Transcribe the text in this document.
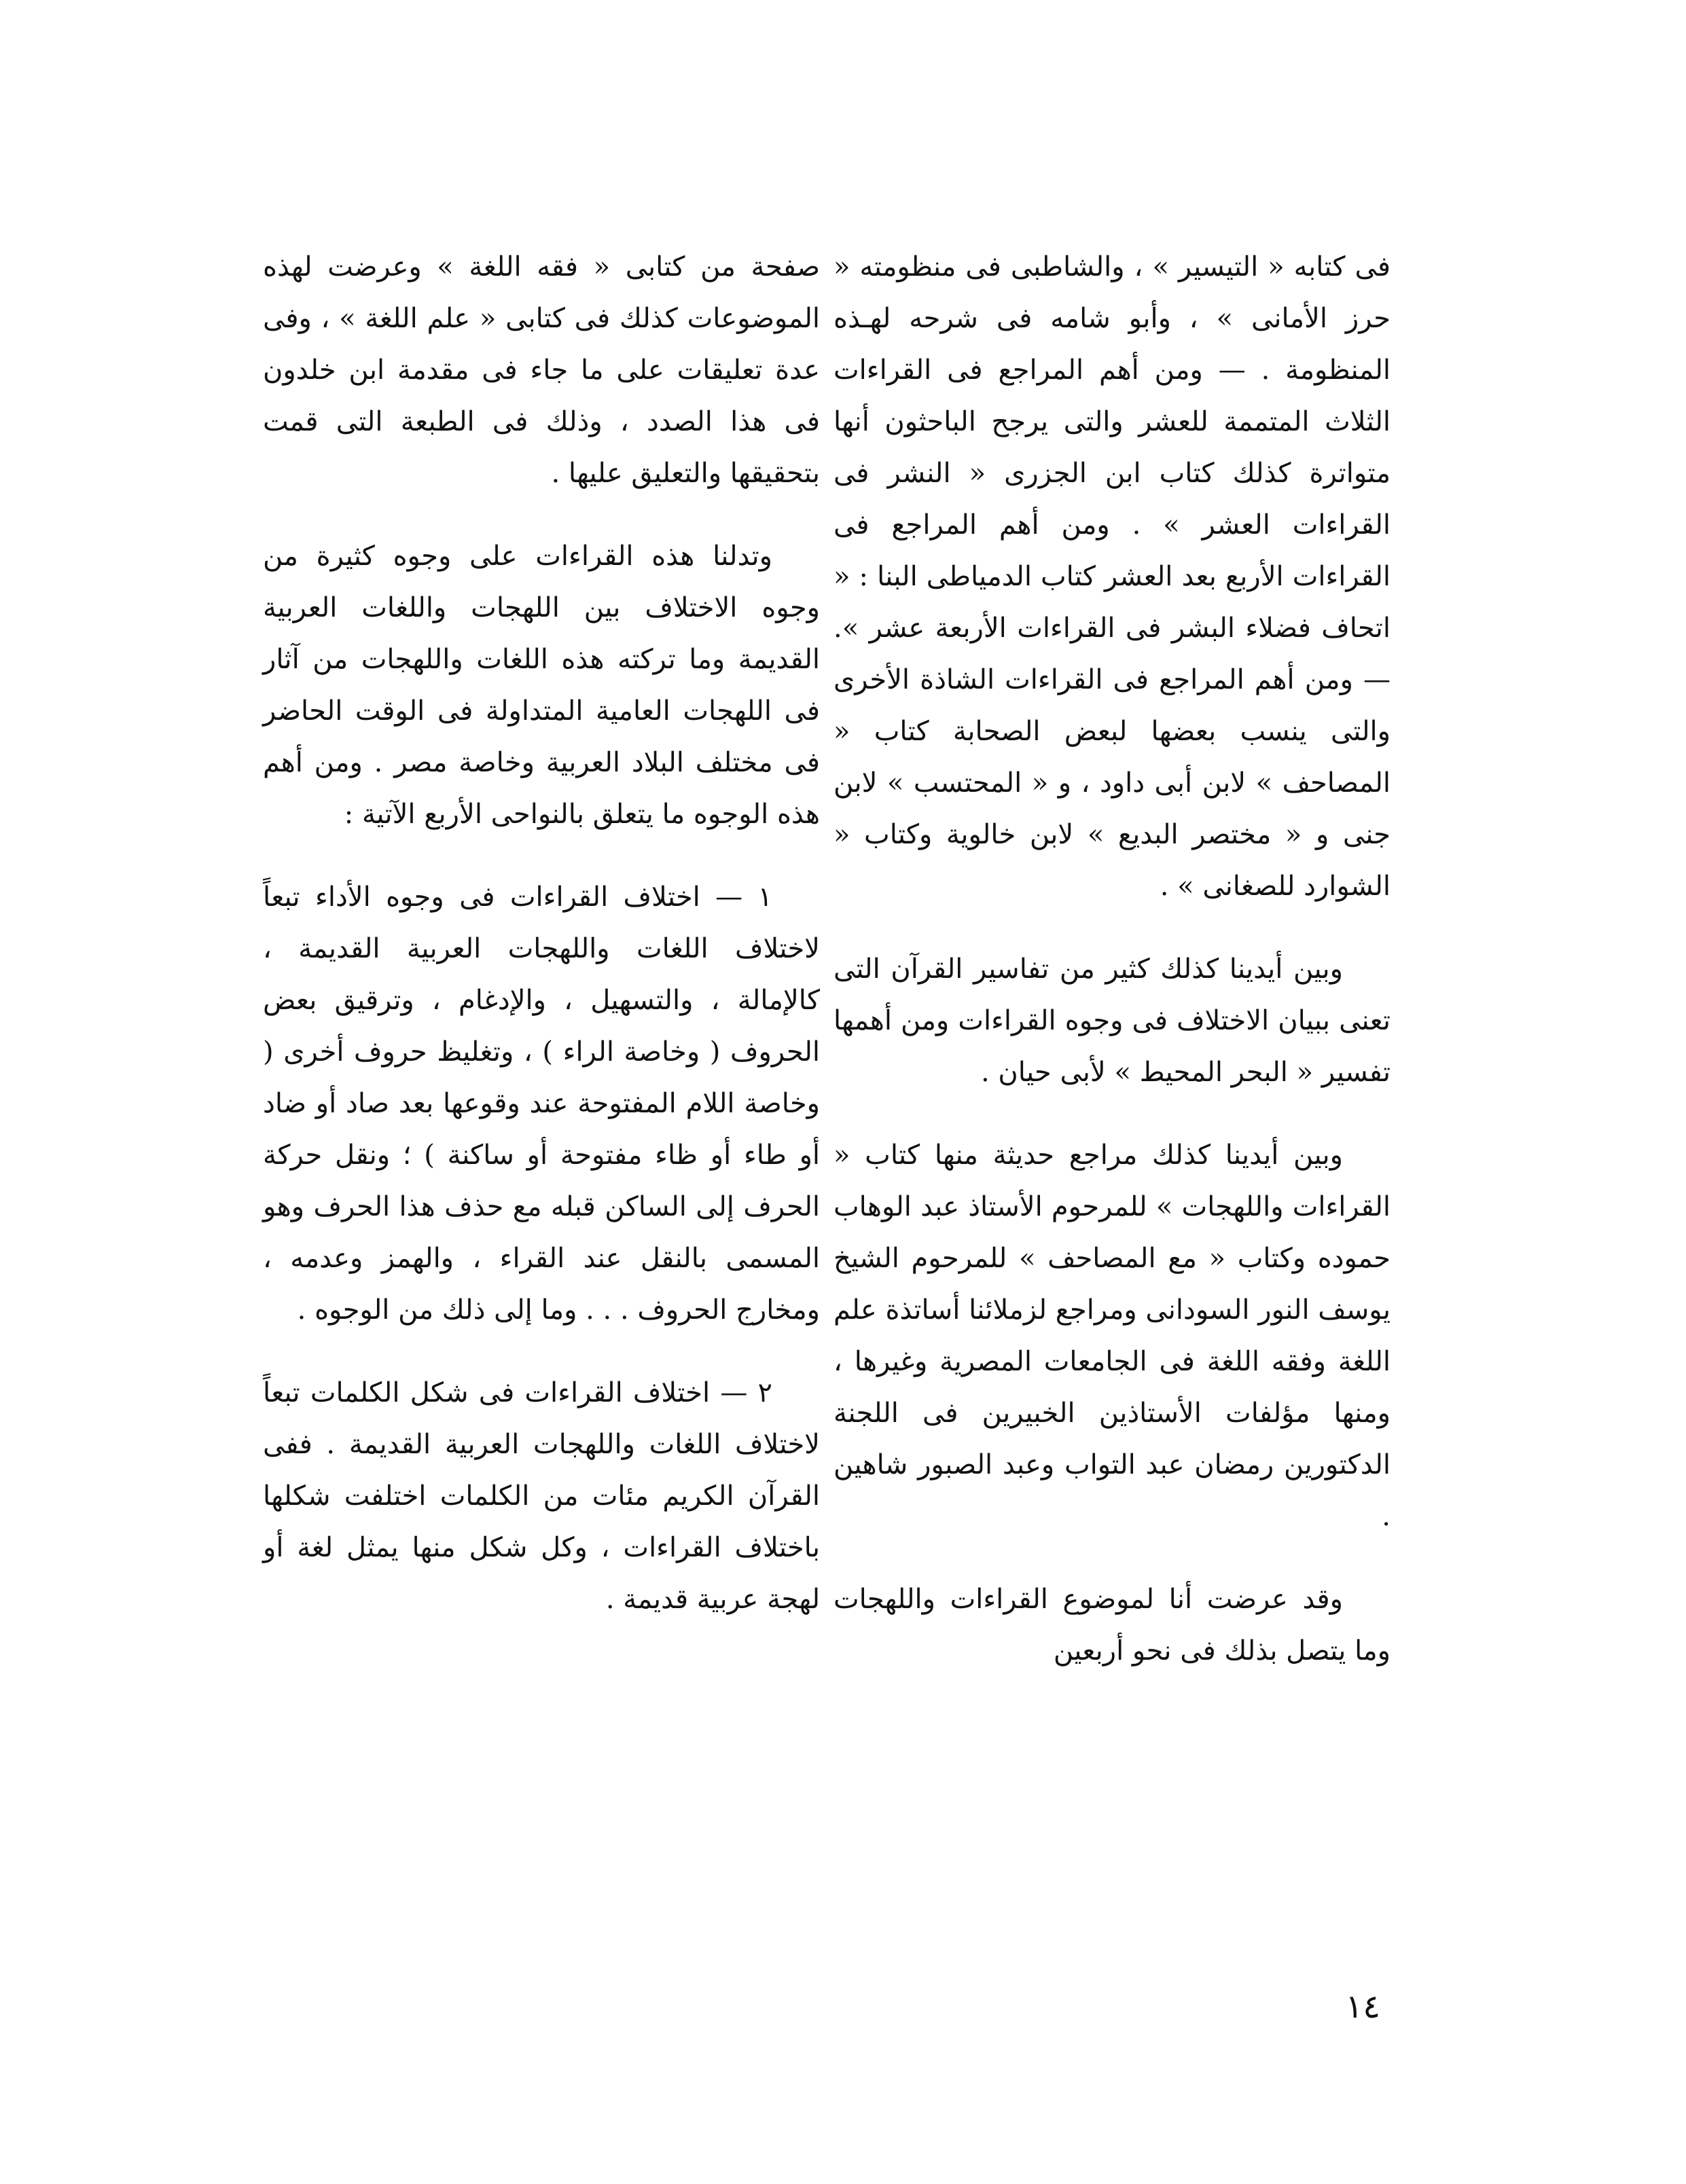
فى كتابه « التيسير » ، والشاطبى فى منظومته « حرز الأمانى » ، وأبو شامه فى شرحه لهـذه المنظومة . — ومن أهم المراجع فى القراءات الثلاث المتممة للعشر والتى يرجح الباحثون أنها متواترة كذلك كتاب ابن الجزرى « النشر فى القراءات العشر » . ومن أهم المراجع فى القراءات الأربع بعد العشر كتاب الدمياطى البنا : « اتحاف فضلاء البشر فى القراءات الأربعة عشر ». — ومن أهم المراجع فى القراءات الشاذة الأخرى والتى ينسب بعضها لبعض الصحابة كتاب « المصاحف » لابن أبى داود ، و « المحتسب » لابن جنى و « مختصر البديع » لابن خالوية وكتاب « الشوارد للصغانى » .

وبين أيدينا كذلك كثير من تفاسير القرآن التى تعنى ببيان الاختلاف فى وجوه القراءات ومن أهمها تفسير « البحر المحيط » لأبى حيان .

وبين أيدينا كذلك مراجع حديثة منها كتاب « القراءات واللهجات » للمرحوم الأستاذ عبد الوهاب حموده وكتاب « مع المصاحف » للمرحوم الشيخ يوسف النور السودانى ومراجع لزملائنا أساتذة علم اللغة وفقه اللغة فى الجامعات المصرية وغيرها ، ومنها مؤلفات الأستاذين الخبيرين فى اللجنة الدكتورين رمضان عبد التواب وعبد الصبور شاهين .

وقد عرضت أنا لموضوع القراءات واللهجات وما يتصل بذلك فى نحو أربعين

صفحة من كتابى « فقه اللغة » وعرضت لهذه الموضوعات كذلك فى كتابى « علم اللغة » ، وفى عدة تعليقات على ما جاء فى مقدمة ابن خلدون فى هذا الصدد ، وذلك فى الطبعة التى قمت بتحقيقها والتعليق عليها .

وتدلنا هذه القراءات على وجوه كثيرة من وجوه الاختلاف بين اللهجات واللغات العربية القديمة وما تركته هذه اللغات واللهجات من آثار فى اللهجات العامية المتداولة فى الوقت الحاضر فى مختلف البلاد العربية وخاصة مصر . ومن أهم هذه الوجوه ما يتعلق بالنواحى الأربع الآتية :

١ — اختلاف القراءات فى وجوه الأداء تبعاً لاختلاف اللغات واللهجات العربية القديمة ، كالإمالة ، والتسهيل ، والإدغام ، وترقيق بعض الحروف ( وخاصة الراء ) ، وتغليظ حروف أخرى ( وخاصة اللام المفتوحة عند وقوعها بعد صاد أو ضاد أو طاء أو ظاء مفتوحة أو ساكنة ) ؛ ونقل حركة الحرف إلى الساكن قبله مع حذف هذا الحرف وهو المسمى بالنقل عند القراء ، والهمز وعدمه ، ومخارج الحروف . . . وما إلى ذلك من الوجوه .

٢ — اختلاف القراءات فى شكل الكلمات تبعاً لاختلاف اللغات واللهجات العربية القديمة . ففى القرآن الكريم مئات من الكلمات اختلفت شكلها باختلاف القراءات ، وكل شكل منها يمثل لغة أو لهجة عربية قديمة .

١٤
